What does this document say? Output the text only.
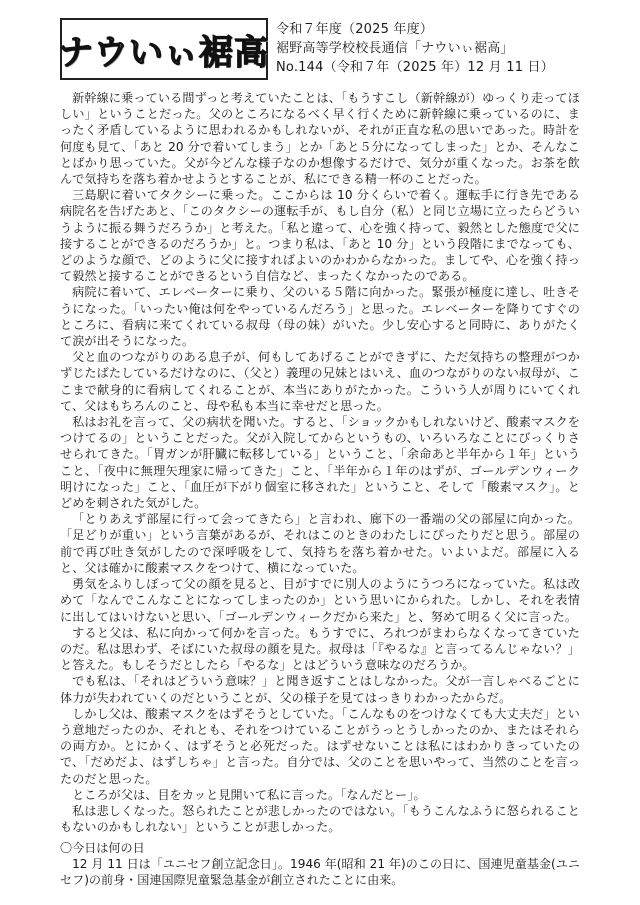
ナウいぃ裾高
令和７年度（2025 年度）
裾野高等学校校長通信「ナウいぃ裾高」
No.144（令和７年（2025 年）12 月 11 日）

新幹線に乗っている間ずっと考えていたことは、「もうすこし（新幹線が）ゆっくり走ってほしい」ということだった。父のところになるべく早く行くために新幹線に乗っているのに、まったく矛盾しているように思われるかもしれないが、それが正直な私の思いであった。時計を何度も見て、「あと 20 分で着いてしまう」とか「あと５分になってしまった」とか、そんなことばかり思っていた。父が今どんな様子なのか想像するだけで、気分が重くなった。お茶を飲んで気持ちを落ち着かせようとすることが、私にできる精一杯のことだった。

三島駅に着いてタクシーに乗った。ここからは 10 分くらいで着く。運転手に行き先である病院名を告げたあと、「このタクシーの運転手が、もし自分（私）と同じ立場に立ったらどういうように振る舞うだろうか」と考えた。「私と違って、心を強く持って、毅然とした態度で父に接することができるのだろうか」と。つまり私は、「あと 10 分」という段階にまでなっても、どのような顔で、どのように父に接すればよいのかわからなかった。ましてや、心を強く持って毅然と接することができるという自信など、まったくなかったのである。

病院に着いて、エレベーターに乗り、父のいる５階に向かった。緊張が極度に達し、吐きそうになった。「いったい俺は何をやっているんだろう」と思った。エレベーターを降りてすぐのところに、看病に来てくれている叔母（母の妹）がいた。少し安心すると同時に、ありがたくて涙が出そうになった。

父と血のつながりのある息子が、何もしてあげることができずに、ただ気持ちの整理がつかずじたばたしているだけなのに、（父と）義理の兄妹とはいえ、血のつながりのない叔母が、ここまで献身的に看病してくれることが、本当にありがたかった。こういう人が周りにいてくれて、父はもちろんのこと、母や私も本当に幸せだと思った。

私はお礼を言って、父の病状を聞いた。すると、「ショックかもしれないけど、酸素マスクをつけてるの」ということだった。父が入院してからというもの、いろいろなことにびっくりさせられてきた。「胃ガンが肝臓に転移している」ということ、「余命あと半年から１年」ということ、「夜中に無理矢理家に帰ってきた」こと、「半年から１年のはずが、ゴールデンウィーク明けになった」こと、「血圧が下がり個室に移された」ということ、そして「酸素マスク」。とどめを刺された気がした。

「とりあえず部屋に行って会ってきたら」と言われ、廊下の一番端の父の部屋に向かった。「足どりが重い」という言葉があるが、それはこのときのわたしにぴったりだと思う。部屋の前で再び吐き気がしたので深呼吸をして、気持ちを落ち着かせた。いよいよだ。部屋に入ると、父は確かに酸素マスクをつけて、横になっていた。

勇気をふりしぼって父の顔を見ると、目がすでに別人のようにうつろになっていた。私は改めて「なんでこんなことになってしまったのか」という思いにかられた。しかし、それを表情に出してはいけないと思い、「ゴールデンウィークだから来た」と、努めて明るく父に言った。

すると父は、私に向かって何かを言った。もうすでに、ろれつがまわらなくなってきていたのだ。私は思わず、そばにいた叔母の顔を見た。叔母は「『やるな』と言ってるんじゃない？」と答えた。もしそうだとしたら「やるな」とはどういう意味なのだろうか。

でも私は、「それはどういう意味？」と聞き返すことはしなかった。父が一言しゃべるごとに体力が失われていくのだということが、父の様子を見てはっきりわかったからだ。

しかし父は、酸素マスクをはずそうとしていた。「こんなものをつけなくても大丈夫だ」という意地だったのか、それとも、それをつけていることがうっとうしかったのか、またはそれらの両方か。とにかく、はずそうと必死だった。はずせないことは私にはわかりきっていたので、「だめだよ、はずしちゃ」と言った。自分では、父のことを思いやって、当然のことを言ったのだと思った。

ところが父は、目をカッと見開いて私に言った。「なんだとー」。

私は悲しくなった。怒られたことが悲しかったのではない。「もうこんなふうに怒られることもないのかもしれない」ということが悲しかった。

〇今日は何の日

12 月 11 日は「ユニセフ創立記念日」。1946 年(昭和 21 年)のこの日に、国連児童基金(ユニセフ)の前身・国連国際児童緊急基金が創立されたことに由来。
